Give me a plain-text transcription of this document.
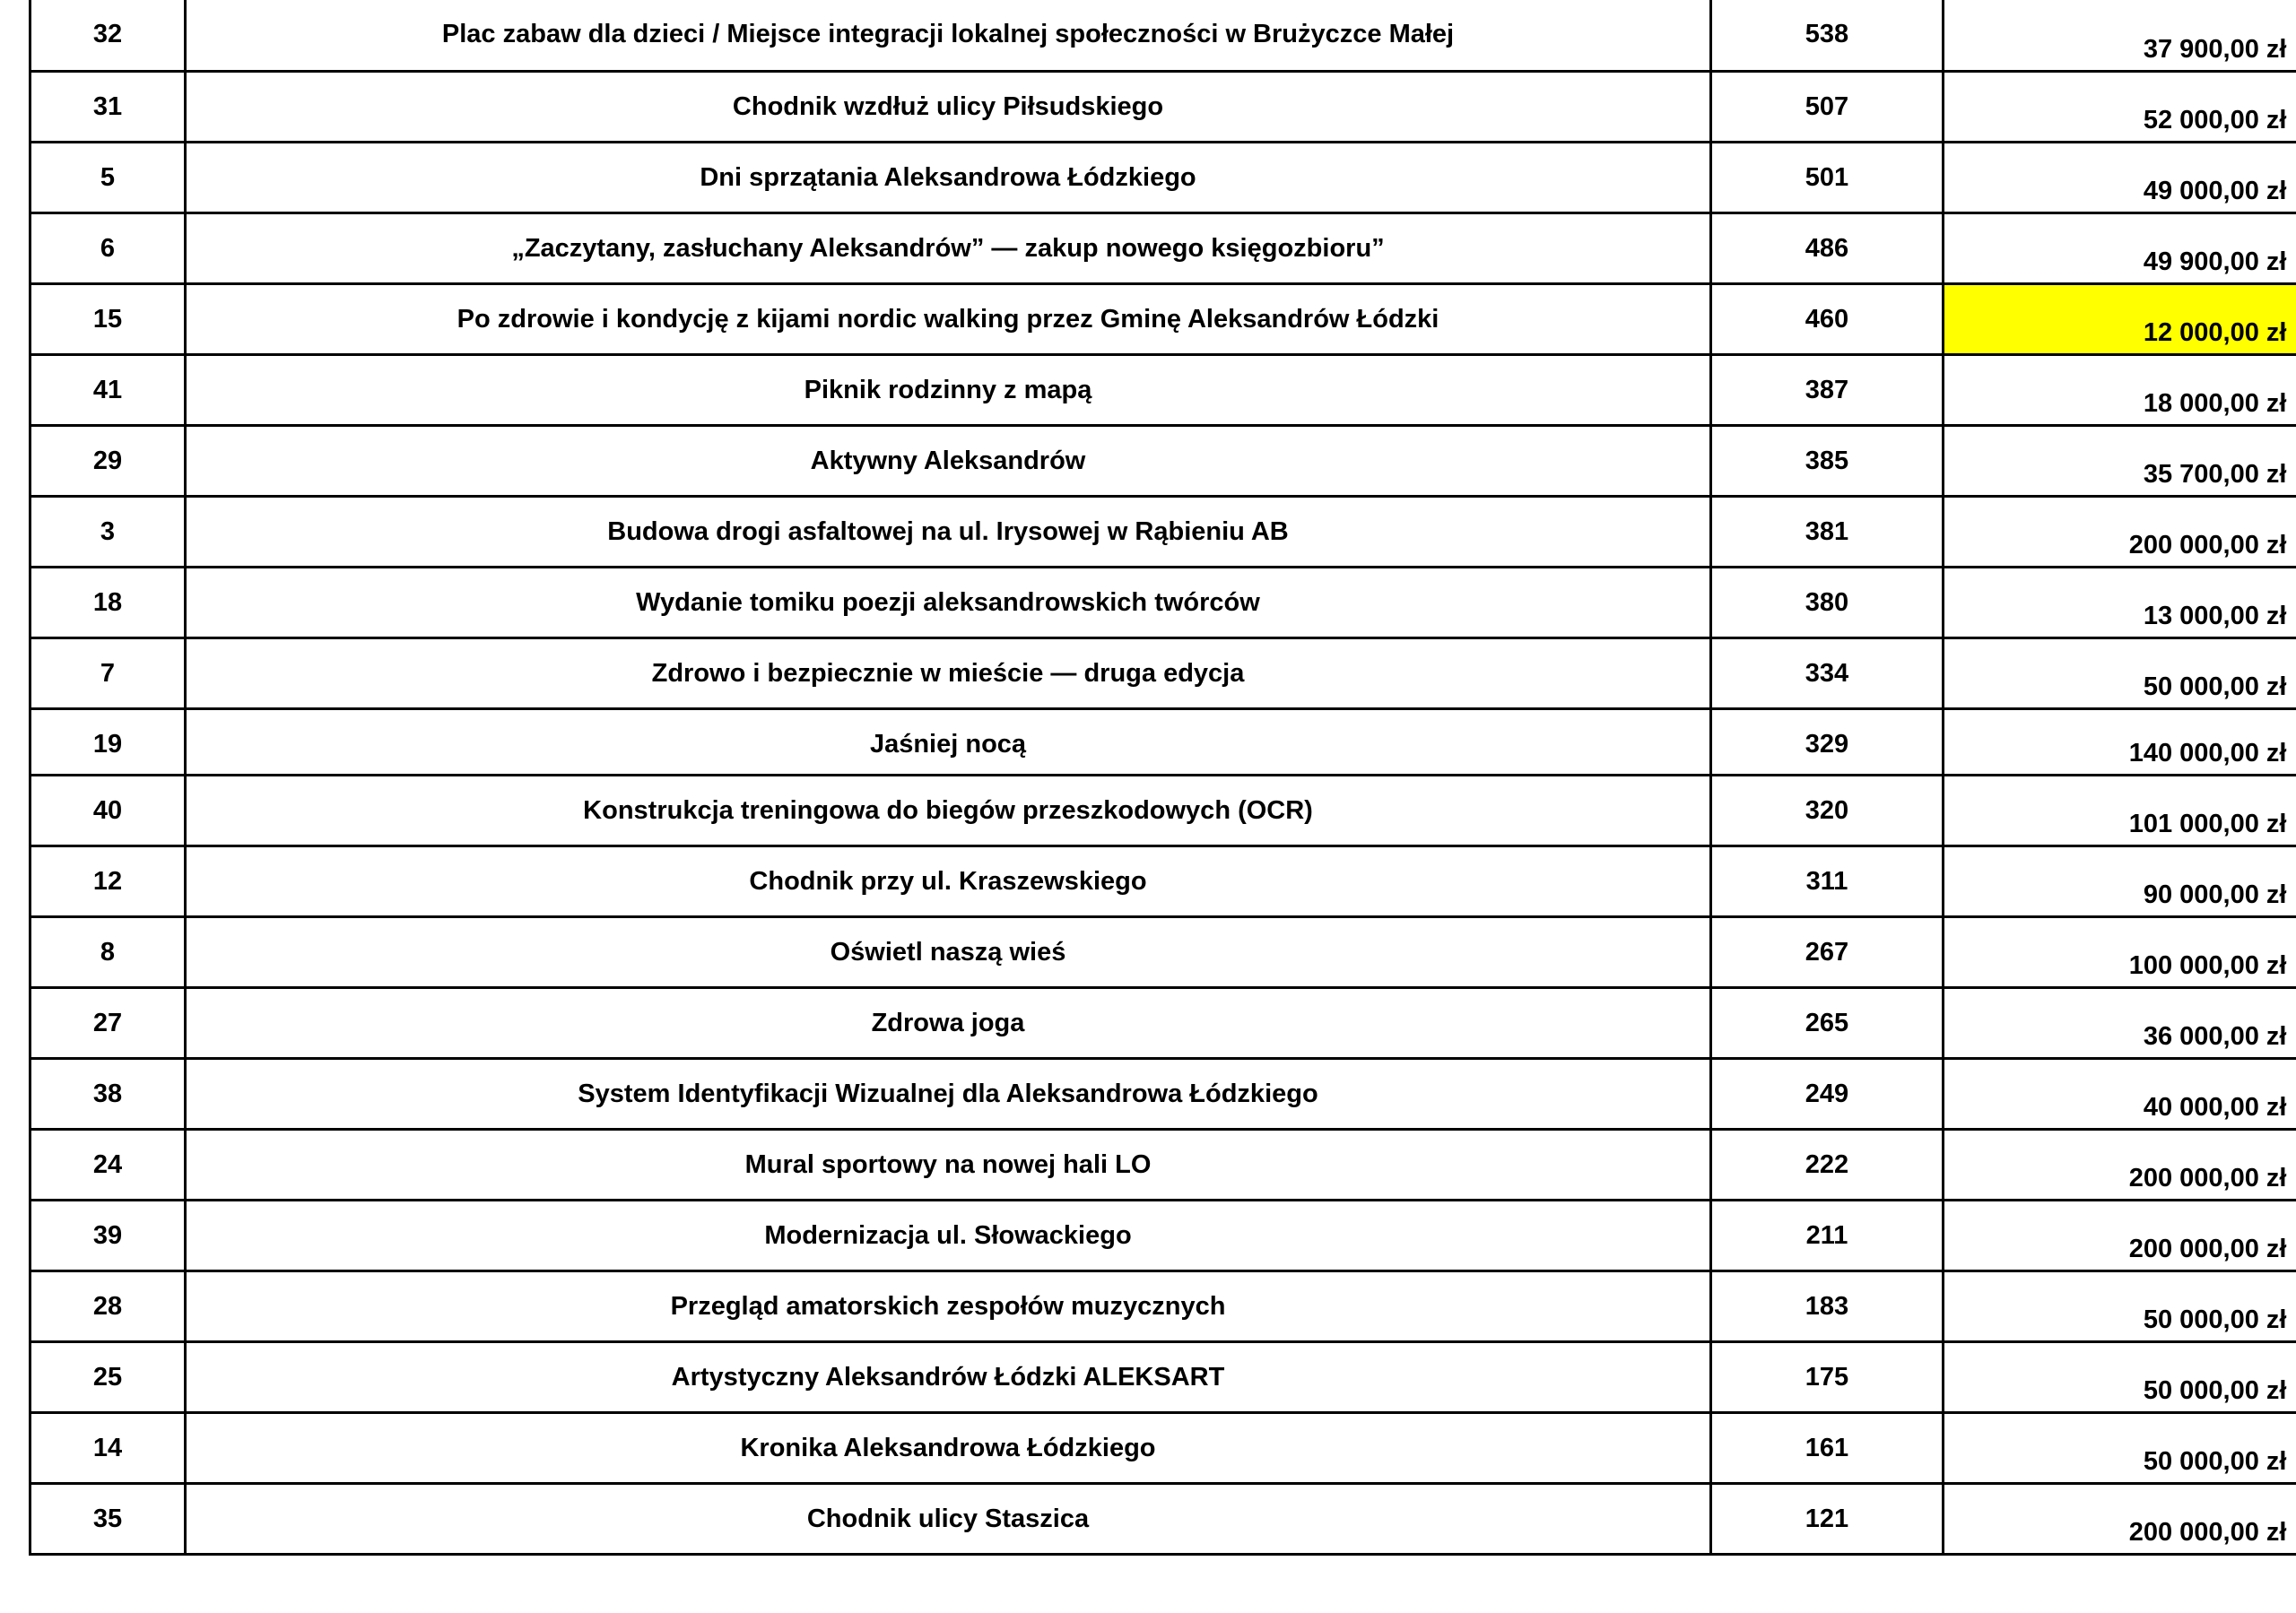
32	Plac zabaw dla dzieci / Miejsce integracji lokalnej społeczności w Brużyczce Małej	538	37 900,00 zł
31	Chodnik wzdłuż ulicy Piłsudskiego	507	52 000,00 zł
5	Dni sprzątania Aleksandrowa Łódzkiego	501	49 000,00 zł
6	„Zaczytany, zasłuchany Aleksandrów” — zakup nowego księgozbioru”	486	49 900,00 zł
15	Po zdrowie i kondycję z kijami nordic walking przez Gminę Aleksandrów Łódzki	460	12 000,00 zł
41	Piknik rodzinny z mapą	387	18 000,00 zł
29	Aktywny Aleksandrów	385	35 700,00 zł
3	Budowa drogi asfaltowej na ul. Irysowej w Rąbieniu AB	381	200 000,00 zł
18	Wydanie tomiku poezji aleksandrowskich twórców	380	13 000,00 zł
7	Zdrowo i bezpiecznie w mieście — druga edycja	334	50 000,00 zł
19	Jaśniej nocą	329	140 000,00 zł
40	Konstrukcja treningowa do biegów przeszkodowych (OCR)	320	101 000,00 zł
12	Chodnik przy ul. Kraszewskiego	311	90 000,00 zł
8	Oświetl naszą wieś	267	100 000,00 zł
27	Zdrowa joga	265	36 000,00 zł
38	System Identyfikacji Wizualnej dla Aleksandrowa Łódzkiego	249	40 000,00 zł
24	Mural sportowy na nowej hali LO	222	200 000,00 zł
39	Modernizacja ul. Słowackiego	211	200 000,00 zł
28	Przegląd amatorskich zespołów muzycznych	183	50 000,00 zł
25	Artystyczny Aleksandrów Łódzki ALEKSART	175	50 000,00 zł
14	Kronika Aleksandrowa Łódzkiego	161	50 000,00 zł
35	Chodnik ulicy Staszica	121	200 000,00 zł
